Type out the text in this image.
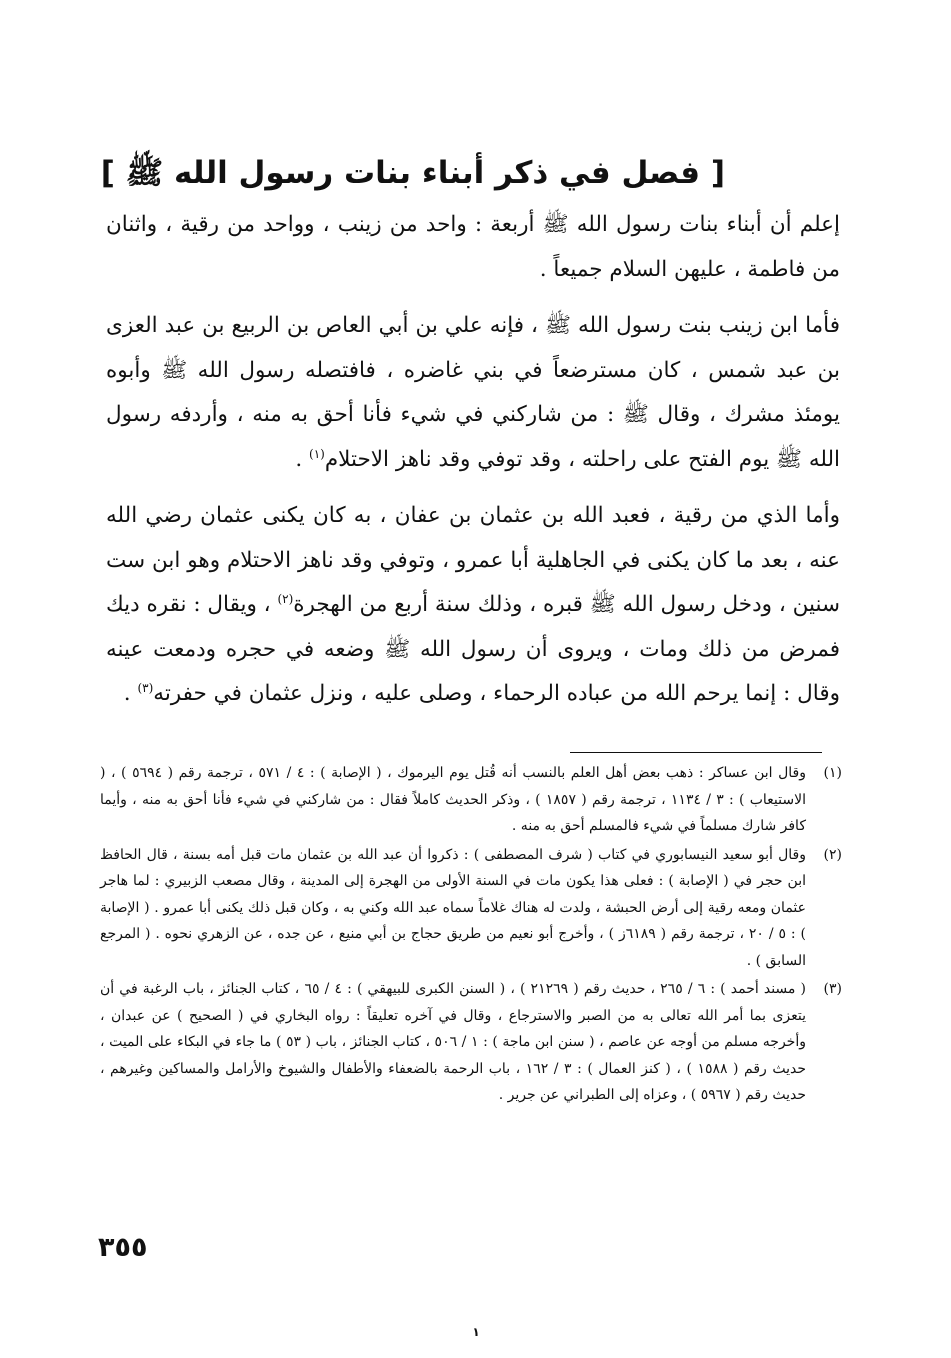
[ فصل في ذكر أبناء بنات رسول الله ﷺ ]

إعلم أن أبناء بنات رسول الله ﷺ أربعة : واحد من زينب ، وواحد من رقية ، واثنان من فاطمة ، عليهن السلام جميعاً .

فأما ابن زينب بنت رسول الله ﷺ ، فإنه علي بن أبي العاص بن الربيع بن عبد العزى بن عبد شمس ، كان مسترضعاً في بني غاضره ، فافتصله رسول الله ﷺ وأبوه يومئذ مشرك ، وقال ﷺ : من شاركني في شيء فأنا أحق به منه ، وأردفه رسول الله ﷺ يوم الفتح على راحلته ، وقد توفي وقد ناهز الاحتلام$^{(١)}$ .

وأما الذي من رقية ، فعبد الله بن عثمان بن عفان ، به كان يكنى عثمان رضي الله عنه ، بعد ما كان يكنى في الجاهلية أبا عمرو ، وتوفي وقد ناهز الاحتلام وهو ابن ست سنين ، ودخل رسول الله ﷺ قبره ، وذلك سنة أربع من الهجرة$^{(٢)}$ ، ويقال : نقره ديك فمرض من ذلك ومات ، ويروى أن رسول الله ﷺ وضعه في حجره ودمعت عينه وقال : إنما يرحم الله من عباده الرحماء ، وصلى عليه ، ونزل عثمان في حفرته$^{(٣)}$ .

(١)
وقال ابن عساكر : ذهب بعض أهل العلم بالنسب أنه قُتل يوم اليرموك ، ( الإصابة ) : ٤ / ٥٧١ ، ترجمة رقم ( ٥٦٩٤ ) ، ( الاستيعاب ) : ٣ / ١١٣٤ ، ترجمة رقم ( ١٨٥٧ ) ، وذكر الحديث كاملاً فقال : من شاركني في شيء فأنا أحق به منه ، وأيما كافر شارك مسلماً في شيء فالمسلم أحق به منه .
(٢)
وقال أبو سعيد النيسابوري في كتاب ( شرف المصطفى ) : ذكروا أن عبد الله بن عثمان مات قبل أمه بسنة ، قال الحافظ ابن حجر في ( الإصابة ) : فعلى هذا يكون مات في السنة الأولى من الهجرة إلى المدينة ، وقال مصعب الزبيري : لما هاجر عثمان ومعه رقية إلى أرض الحبشة ، ولدت له هناك غلاماً سماه عبد الله وكني به ، وكان قبل ذلك يكنى أبا عمرو . ( الإصابة ) : ٥ / ٢٠ ، ترجمة رقم ( ٦١٨٩ز ) ، وأخرج أبو نعيم من طريق حجاج بن أبي منيع ، عن جده ، عن الزهري نحوه . ( المرجع السابق ) .
(٣)
( مسند أحمد ) : ٦ / ٢٦٥ ، حديث رقم ( ٢١٢٦٩ ) ، ( السنن الكبرى للبيهقي ) : ٤ / ٦٥ ، كتاب الجنائز ، باب الرغبة في أن يتعزى بما أمر الله تعالى به من الصبر والاسترجاع ، وقال في آخره تعليقاً : رواه البخاري في ( الصحيح ) عن عبدان ، وأخرجه مسلم من أوجه عن عاصم ، ( سنن ابن ماجة ) : ١ / ٥٠٦ ، كتاب الجنائز ، باب ( ٥٣ ) ما جاء في البكاء على الميت ، حديث رقم ( ١٥٨٨ ) ، ( كنز العمال ) : ٣ / ١٦٢ ، باب الرحمة بالضعفاء والأطفال والشيوخ والأرامل والمساكين وغيرهم ، حديث رقم ( ٥٩٦٧ ) ، وعزاه إلى الطبراني عن جرير .
٣٥٥
١
